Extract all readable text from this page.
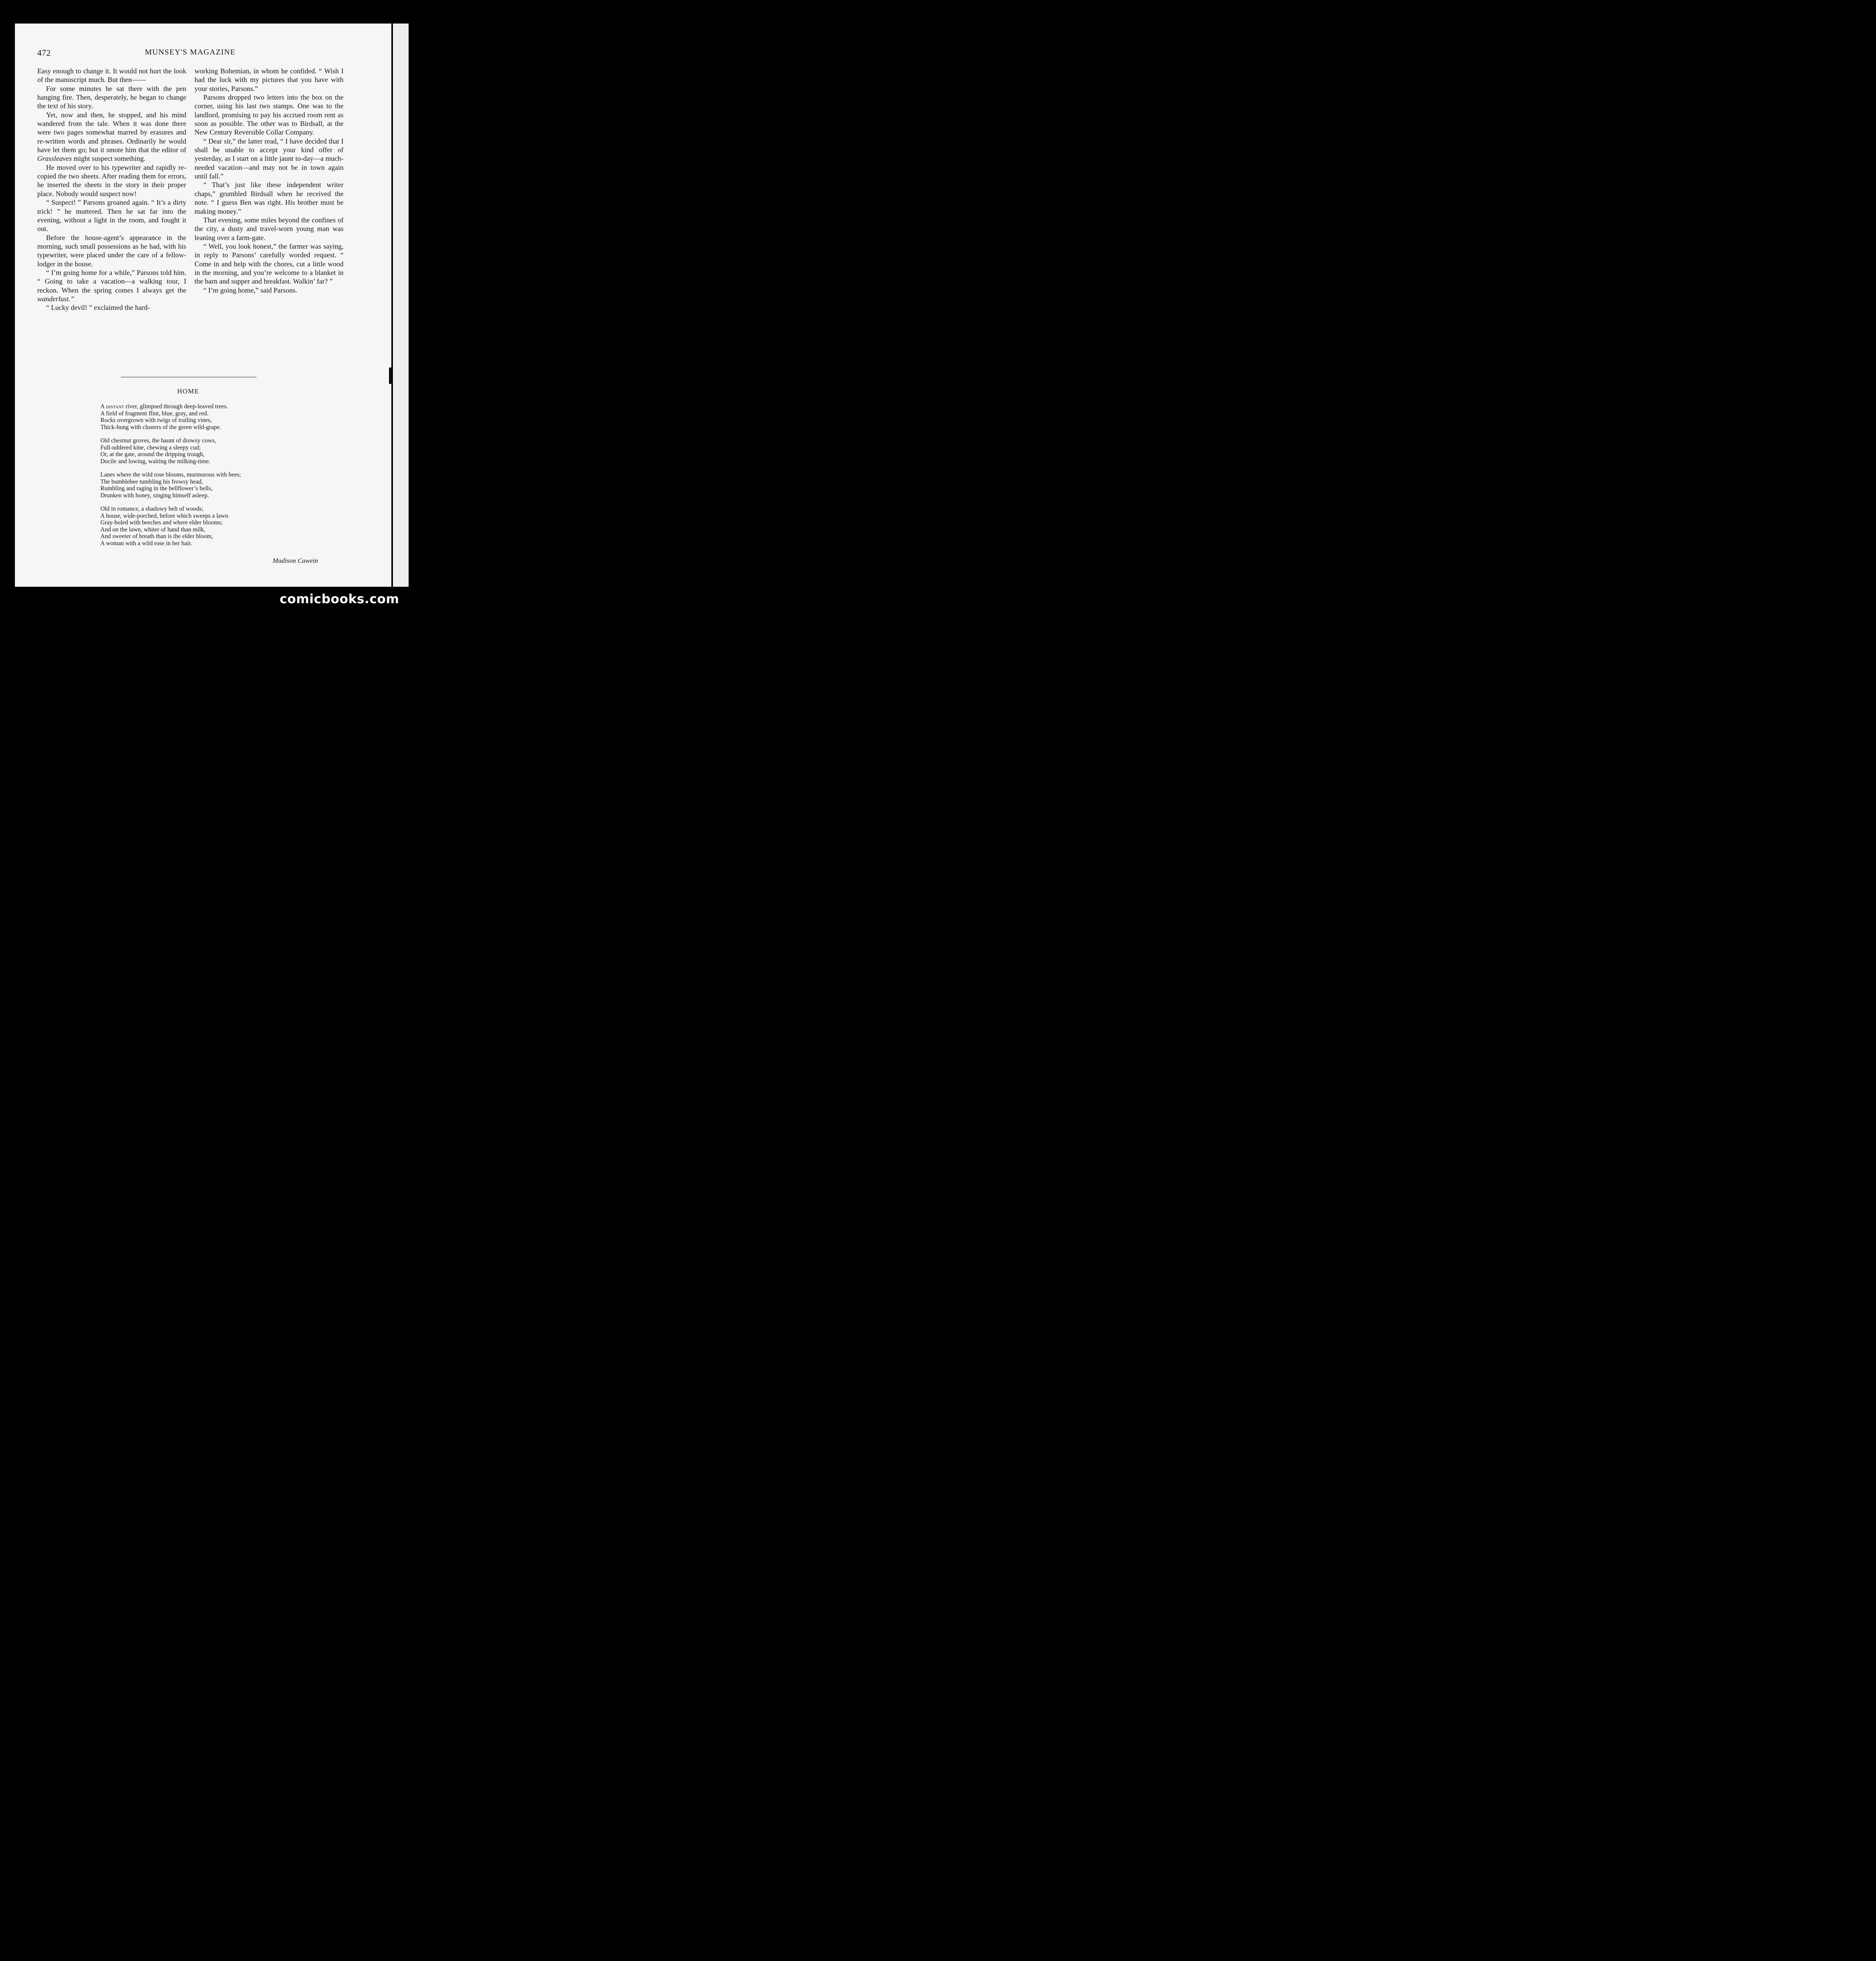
472	MUNSEY'S MAGAZINE

Easy enough to change it. It would not hurt the look of the manuscript much. But then——

For some minutes he sat there with the pen hanging fire. Then, desperately, he began to change the text of his story.

Yet, now and then, he stopped, and his mind wandered from the tale. When it was done there were two pages somewhat marred by erasures and re-written words and phrases. Ordinarily he would have let them go; but it smote him that the editor of Grassleaves might suspect something.

He moved over to his typewriter and rapidly re-copied the two sheets. After reading them for errors, he inserted the sheets in the story in their proper place. Nobody would suspect now!

“ Suspect! ” Parsons groaned again. “ It’s a dirty trick! ” he muttered. Then he sat far into the evening, without a light in the room, and fought it out.

Before the house-agent’s appearance in the morning, such small possessions as he had, with his typewriter, were placed under the care of a fellow-lodger in the house.

“ I’m going home for a while,” Parsons told him. “ Going to take a vacation—a walking tour, I reckon. When the spring comes I always get the wanderlust.”

“ Lucky devil! ” exclaimed the hard-

working Bohemian, in whom he confided. “ Wish I had the luck with my pictures that you have with your stories, Parsons.”

Parsons dropped two letters into the box on the corner, using his last two stamps. One was to the landlord, promising to pay his accrued room rent as soon as possible. The other was to Birdsall, at the New Century Reversible Collar Company.

“ Dear sir,” the latter read, “ I have decided that I shall be unable to accept your kind offer of yesterday, as I start on a little jaunt to-day—a much-needed vacation—and may not be in town again until fall.”

“ That’s just like these independent writer chaps,” grumbled Birdsall when he received the note. “ I guess Ben was right. His brother must be making money.”

That evening, some miles beyond the confines of the city, a dusty and travel-worn young man was leaning over a farm-gate.

“ Well, you look honest,” the farmer was saying, in reply to Parsons’ carefully worded request. “ Come in and help with the chores, cut a little wood in the morning, and you’re welcome to a blanket in the barn and supper and breakfast. Walkin’ far? ”

“ I’m going home,” said Parsons.

HOME
A distant river, glimpsed through deep-leaved trees.
A field of fragment flint, blue, gray, and red.
Rocks overgrown with twigs of trailing vines,
Thick-hung with clusters of the green wild-grape.
Old chestnut groves, the haunt of drowsy cows,
Full-uddered kine, chewing a sleepy cud;
Or, at the gate, around the dripping trough,
Docile and lowing, waiting the milking-time.
Lanes where the wild rose blooms, murmurous with bees;
The bumblebee tumbling his frowsy head,
Rumbling and raging in the bellflower’s bells,
Drunken with honey, singing himself asleep.
Old in romance, a shadowy belt of woods;
A house, wide-porched, before which sweeps a lawn
Gray-boled with beeches and where elder blooms;
And on the lawn, whiter of hand than milk,
And sweeter of breath than is the elder bloom,
A woman with a wild rose in her hair.
Madison Cawein
comicbooks.com
